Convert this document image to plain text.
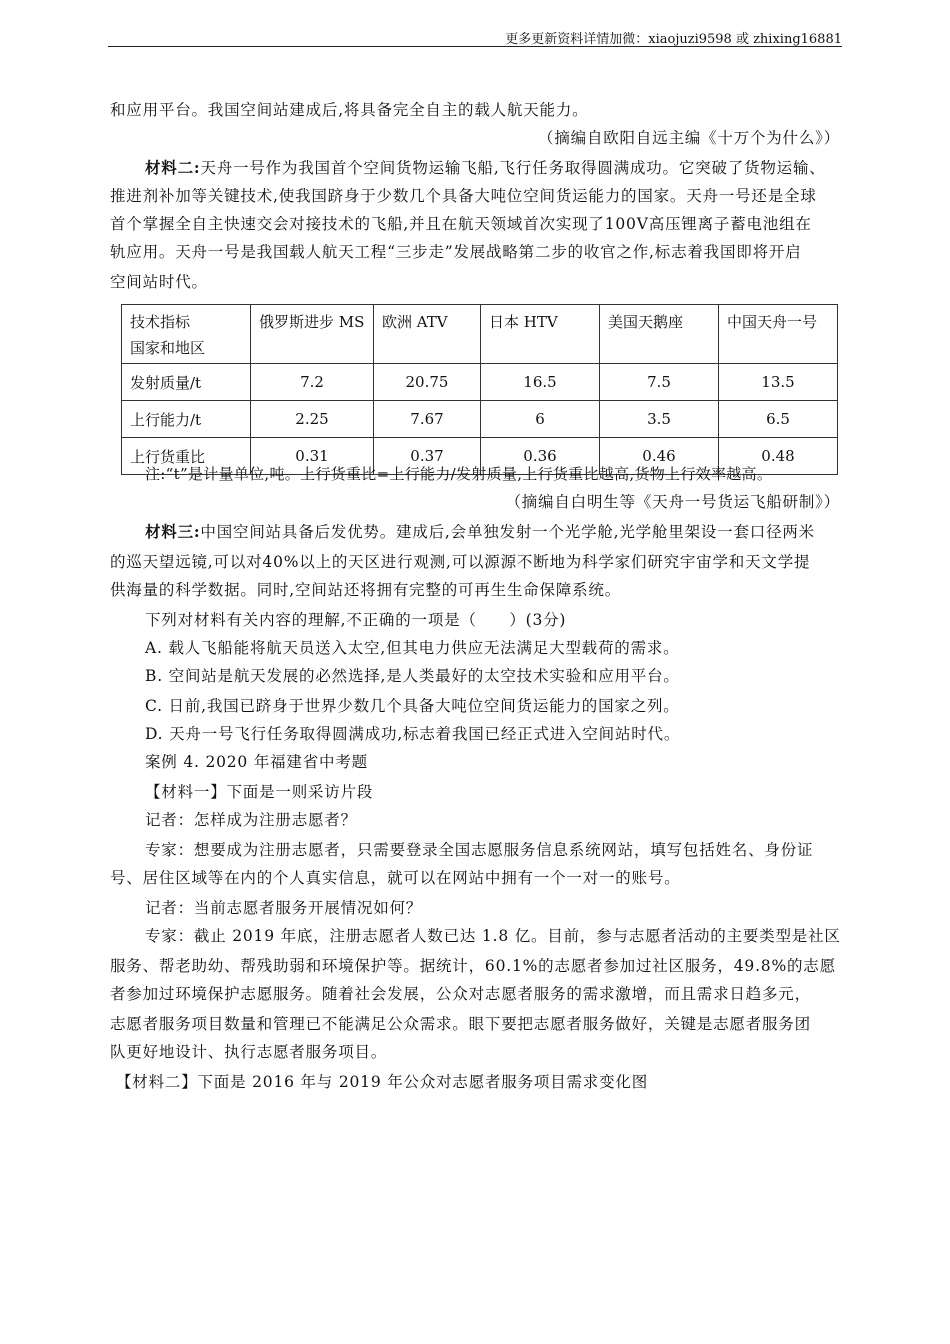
更多更新资料详情加微：xiaojuzi9598 或 zhixing16881
和应用平台。我国空间站建成后,将具备完全自主的载人航天能力。
（摘编自欧阳自远主编《十万个为什么》）
材料二:天舟一号作为我国首个空间货物运输飞船,飞行任务取得圆满成功。它突破了货物运输、
推进剂补加等关键技术,使我国跻身于少数几个具备大吨位空间货运能力的国家。天舟一号还是全球
首个掌握全自主快速交会对接技术的飞船,并且在航天领域首次实现了100V高压锂离子蓄电池组在
轨应用。天舟一号是我国载人航天工程“三步走”发展战略第二步的收官之作,标志着我国即将开启
空间站时代。
技术指标
国家和地区	俄罗斯进步 MS	欧洲 ATV	日本 HTV	美国天鹅座	中国天舟一号
发射质量/t	7.2	20.75	16.5	7.5	13.5
上行能力/t	2.25	7.67	6	3.5	6.5
上行货重比	0.31	0.37	0.36	0.46	0.48
注:“t”是计量单位,吨。上行货重比=上行能力/发射质量,上行货重比越高,货物上行效率越高。
（摘编自白明生等《天舟一号货运飞船研制》）
材料三:中国空间站具备后发优势。建成后,会单独发射一个光学舱,光学舱里架设一套口径两米
的巡天望远镜,可以对40%以上的天区进行观测,可以源源不断地为科学家们研究宇宙学和天文学提
供海量的科学数据。同时,空间站还将拥有完整的可再生生命保障系统。
下列对材料有关内容的理解,不正确的一项是（　　）(3分)
A. 载人飞船能将航天员送入太空,但其电力供应无法满足大型载荷的需求。
B. 空间站是航天发展的必然选择,是人类最好的太空技术实验和应用平台。
C. 日前,我国已跻身于世界少数几个具备大吨位空间货运能力的国家之列。
D. 天舟一号飞行任务取得圆满成功,标志着我国已经正式进入空间站时代。
案例 4. 2020 年福建省中考题
【材料一】下面是一则采访片段
记者：怎样成为注册志愿者？
专家：想要成为注册志愿者，只需要登录全国志愿服务信息系统网站，填写包括姓名、身份证
号、居住区域等在内的个人真实信息，就可以在网站中拥有一个一对一的账号。
记者：当前志愿者服务开展情况如何？
专家：截止 2019 年底，注册志愿者人数已达 1.8 亿。目前，参与志愿者活动的主要类型是社区
服务、帮老助幼、帮残助弱和环境保护等。据统计，60.1%的志愿者参加过社区服务，49.8%的志愿
者参加过环境保护志愿服务。随着社会发展，公众对志愿者服务的需求激增，而且需求日趋多元，
志愿者服务项目数量和管理已不能满足公众需求。眼下要把志愿者服务做好，关键是志愿者服务团
队更好地设计、执行志愿者服务项目。
【材料二】下面是 2016 年与 2019 年公众对志愿者服务项目需求变化图
